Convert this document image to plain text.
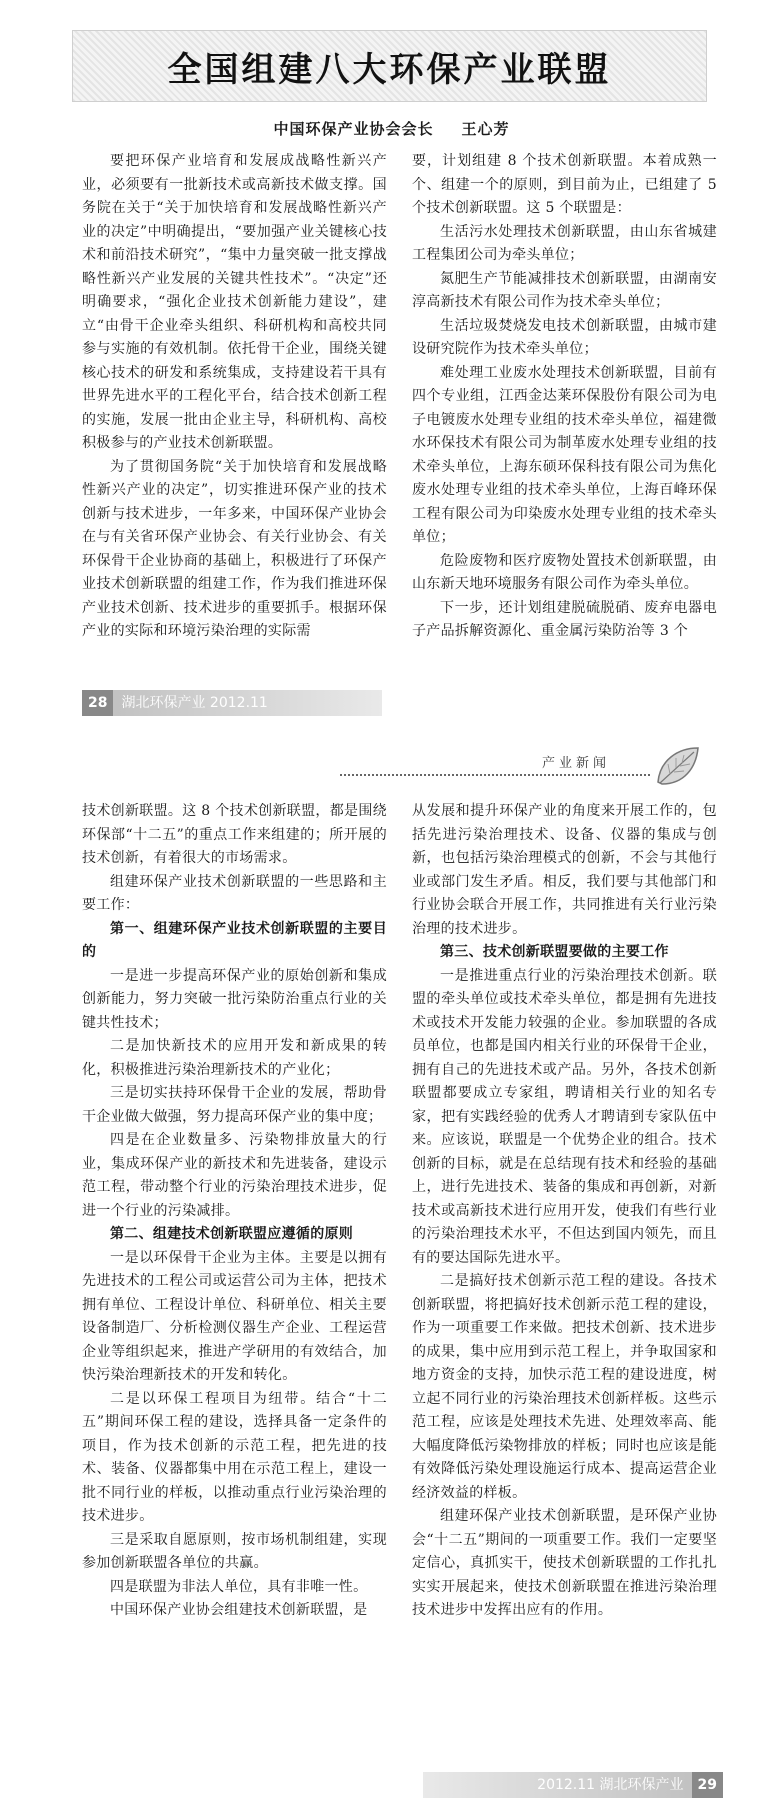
全国组建八大环保产业联盟
中国环保产业协会会长 王心芳

要把环保产业培育和发展成战略性新兴产业，必须要有一批新技术或高新技术做支撑。国务院在关于“关于加快培育和发展战略性新兴产业的决定”中明确提出，“要加强产业关键核心技术和前沿技术研究”，“集中力量突破一批支撑战略性新兴产业发展的关键共性技术”。“决定”还明确要求，“强化企业技术创新能力建设”，建立“由骨干企业牵头组织、科研机构和高校共同参与实施的有效机制。依托骨干企业，围绕关键核心技术的研发和系统集成，支持建设若干具有世界先进水平的工程化平台，结合技术创新工程的实施，发展一批由企业主导，科研机构、高校积极参与的产业技术创新联盟。

为了贯彻国务院“关于加快培育和发展战略性新兴产业的决定”，切实推进环保产业的技术创新与技术进步，一年多来，中国环保产业协会在与有关省环保产业协会、有关行业协会、有关环保骨干企业协商的基础上，积极进行了环保产业技术创新联盟的组建工作，作为我们推进环保产业技术创新、技术进步的重要抓手。根据环保产业的实际和环境污染治理的实际需

要，计划组建 8 个技术创新联盟。本着成熟一个、组建一个的原则，到目前为止，已组建了 5 个技术创新联盟。这 5 个联盟是：

生活污水处理技术创新联盟，由山东省城建工程集团公司为牵头单位；

氮肥生产节能减排技术创新联盟，由湖南安淳高新技术有限公司作为技术牵头单位；

生活垃圾焚烧发电技术创新联盟，由城市建设研究院作为技术牵头单位；

难处理工业废水处理技术创新联盟，目前有四个专业组，江西金达莱环保股份有限公司为电子电镀废水处理专业组的技术牵头单位，福建微水环保技术有限公司为制革废水处理专业组的技术牵头单位，上海东硕环保科技有限公司为焦化废水处理专业组的技术牵头单位，上海百峰环保工程有限公司为印染废水处理专业组的技术牵头单位；

危险废物和医疗废物处置技术创新联盟，由山东新天地环境服务有限公司作为牵头单位。

下一步，还计划组建脱硫脱硝、废弃电器电子产品拆解资源化、重金属污染防治等 3 个

28 湖北环保产业 2012.11
产业新闻

技术创新联盟。这 8 个技术创新联盟，都是围绕环保部“十二五”的重点工作来组建的；所开展的技术创新，有着很大的市场需求。

组建环保产业技术创新联盟的一些思路和主要工作：

第一、组建环保产业技术创新联盟的主要目的

一是进一步提高环保产业的原始创新和集成创新能力，努力突破一批污染防治重点行业的关键共性技术；

二是加快新技术的应用开发和新成果的转化，积极推进污染治理新技术的产业化；

三是切实扶持环保骨干企业的发展，帮助骨干企业做大做强，努力提高环保产业的集中度；

四是在企业数量多、污染物排放量大的行业，集成环保产业的新技术和先进装备，建设示范工程，带动整个行业的污染治理技术进步，促进一个行业的污染减排。

第二、组建技术创新联盟应遵循的原则

一是以环保骨干企业为主体。主要是以拥有先进技术的工程公司或运营公司为主体，把技术拥有单位、工程设计单位、科研单位、相关主要设备制造厂、分析检测仪器生产企业、工程运营企业等组织起来，推进产学研用的有效结合，加快污染治理新技术的开发和转化。

二是以环保工程项目为纽带。结合“十二五”期间环保工程的建设，选择具备一定条件的项目，作为技术创新的示范工程，把先进的技术、装备、仪器都集中用在示范工程上，建设一批不同行业的样板，以推动重点行业污染治理的技术进步。

三是采取自愿原则，按市场机制组建，实现参加创新联盟各单位的共赢。

四是联盟为非法人单位，具有非唯一性。

中国环保产业协会组建技术创新联盟，是

从发展和提升环保产业的角度来开展工作的，包括先进污染治理技术、设备、仪器的集成与创新，也包括污染治理模式的创新，不会与其他行业或部门发生矛盾。相反，我们要与其他部门和行业协会联合开展工作，共同推进有关行业污染治理的技术进步。

第三、技术创新联盟要做的主要工作

一是推进重点行业的污染治理技术创新。联盟的牵头单位或技术牵头单位，都是拥有先进技术或技术开发能力较强的企业。参加联盟的各成员单位，也都是国内相关行业的环保骨干企业，拥有自己的先进技术或产品。另外，各技术创新联盟都要成立专家组，聘请相关行业的知名专家，把有实践经验的优秀人才聘请到专家队伍中来。应该说，联盟是一个优势企业的组合。技术创新的目标，就是在总结现有技术和经验的基础上，进行先进技术、装备的集成和再创新，对新技术或高新技术进行应用开发，使我们有些行业的污染治理技术水平，不但达到国内领先，而且有的要达国际先进水平。

二是搞好技术创新示范工程的建设。各技术创新联盟，将把搞好技术创新示范工程的建设，作为一项重要工作来做。把技术创新、技术进步的成果，集中应用到示范工程上，并争取国家和地方资金的支持，加快示范工程的建设进度，树立起不同行业的污染治理技术创新样板。这些示范工程，应该是处理技术先进、处理效率高、能大幅度降低污染物排放的样板；同时也应该是能有效降低污染处理设施运行成本、提高运营企业经济效益的样板。

组建环保产业技术创新联盟，是环保产业协会“十二五”期间的一项重要工作。我们一定要坚定信心，真抓实干，使技术创新联盟的工作扎扎实实开展起来，使技术创新联盟在推进污染治理技术进步中发挥出应有的作用。

2012.11 湖北环保产业 29
